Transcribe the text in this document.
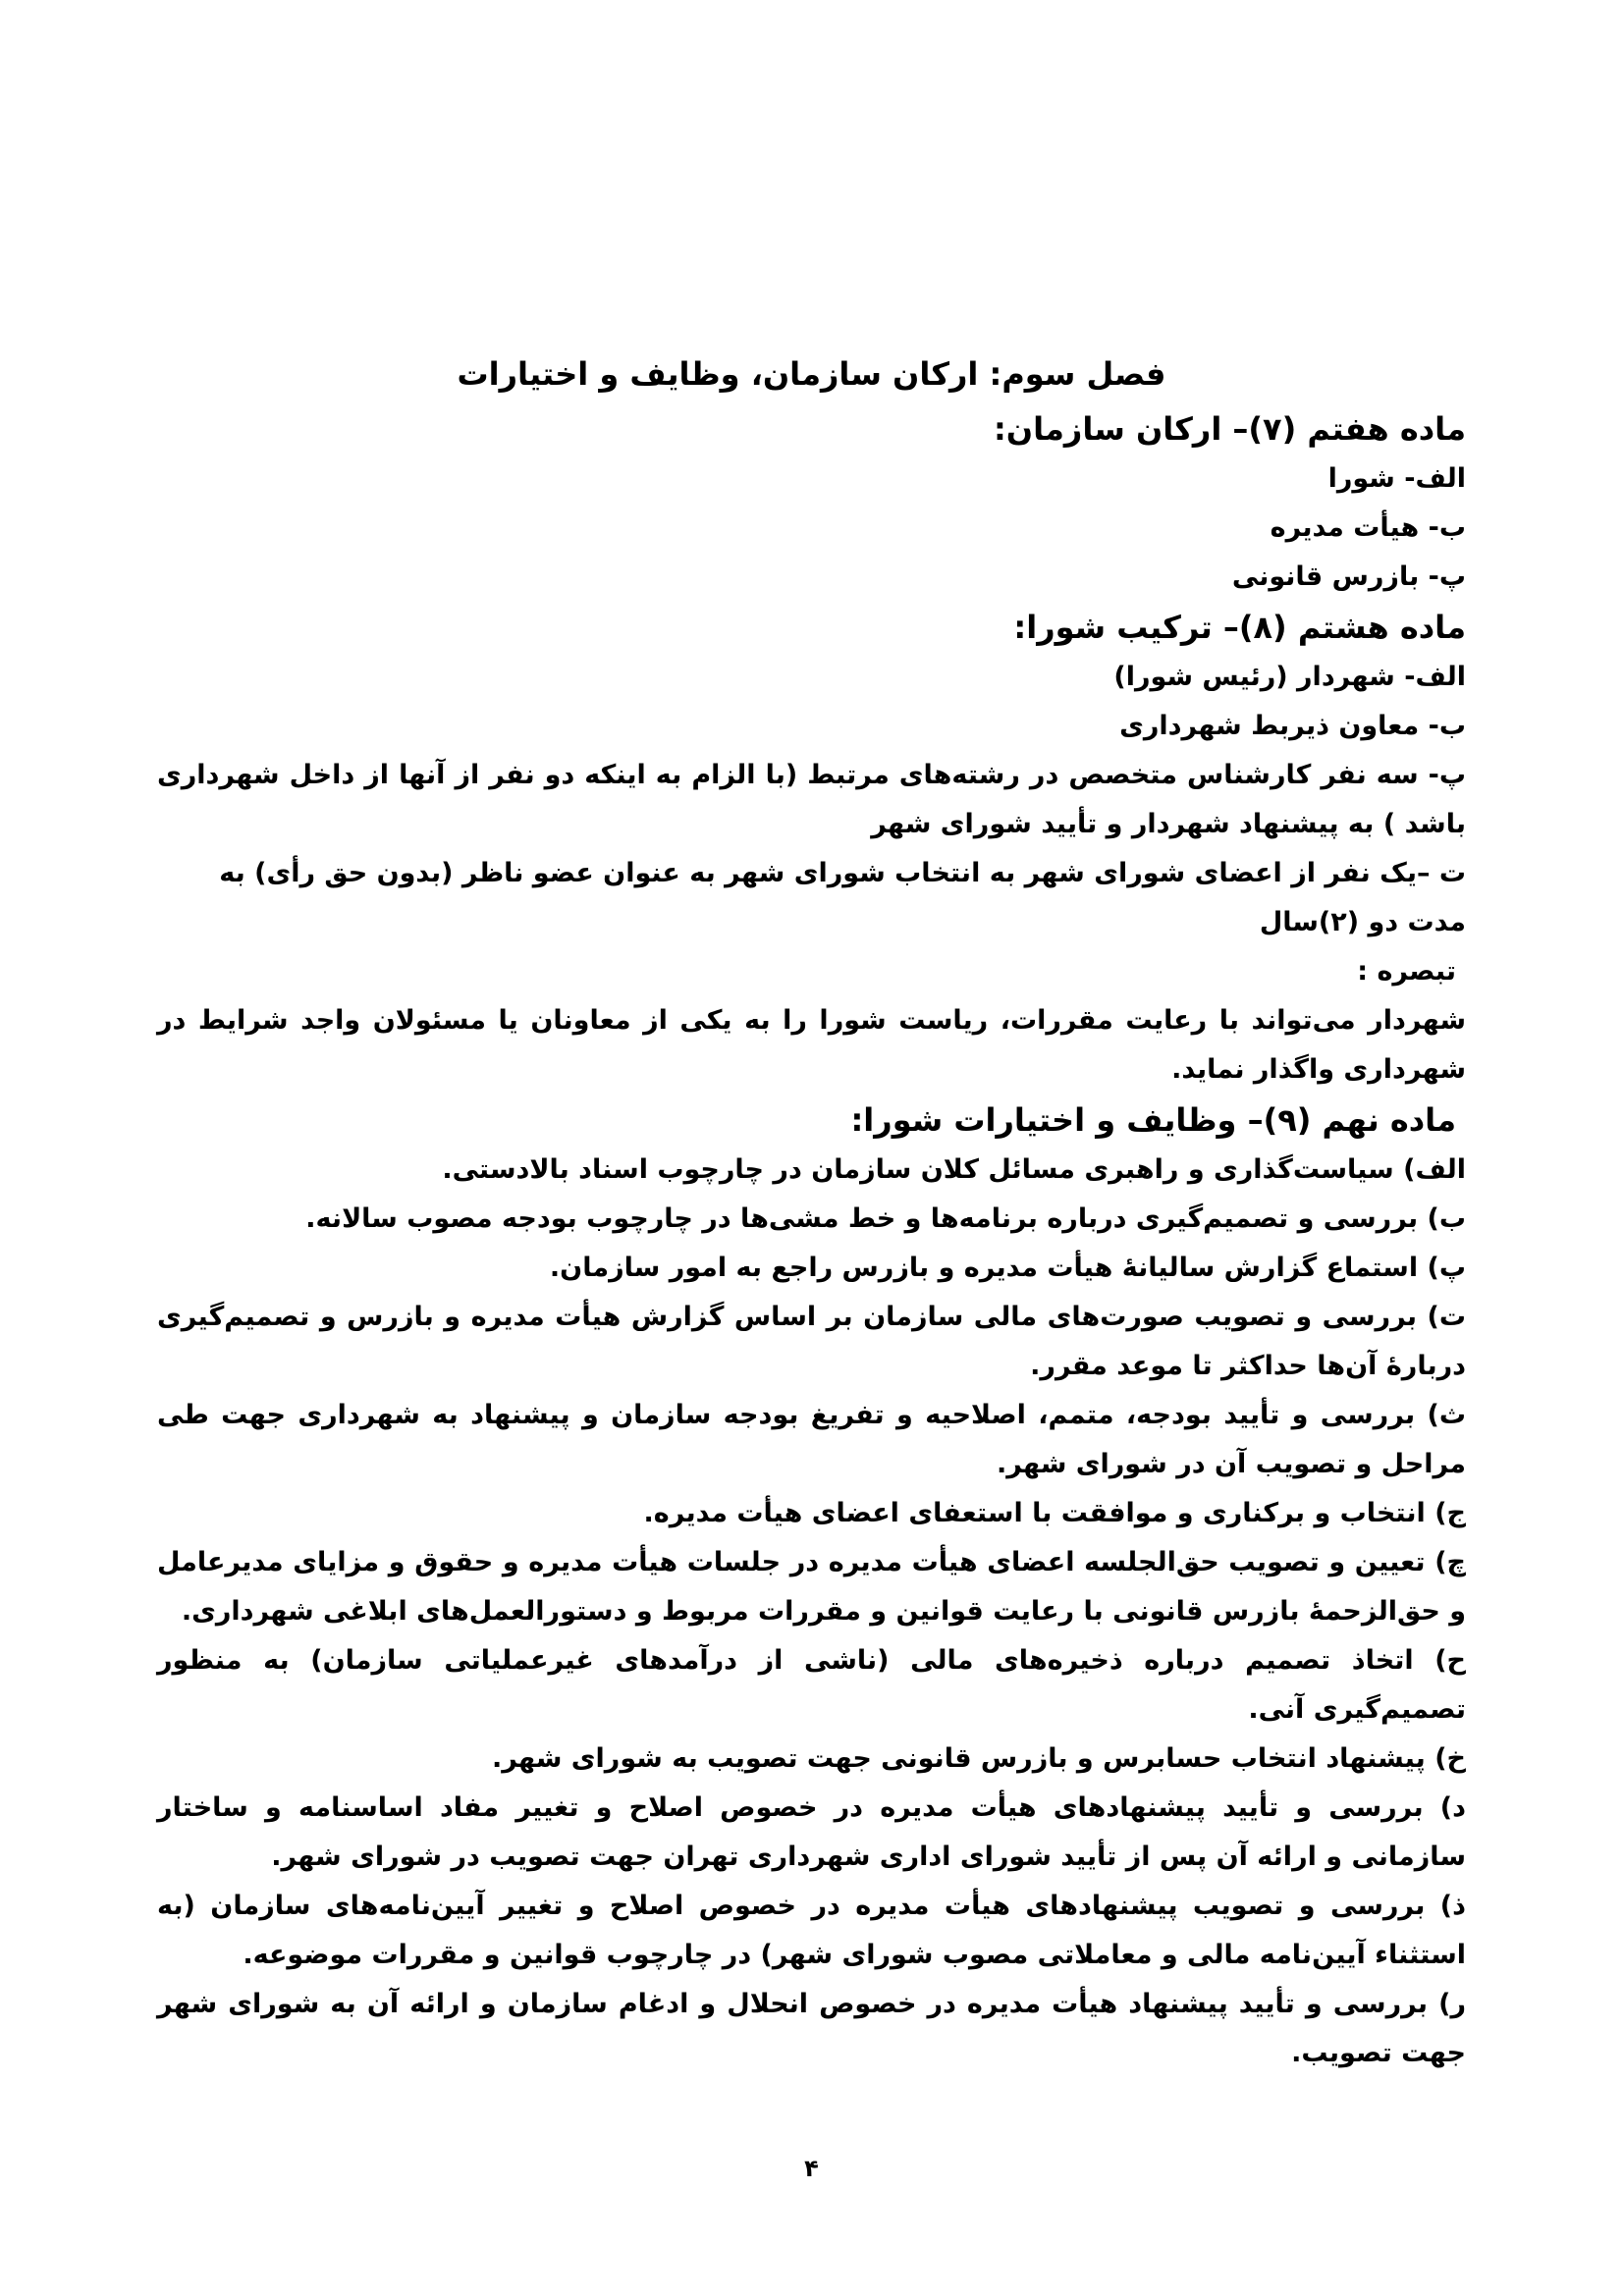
فصل سوم: ارکان سازمان، وظایف و اختیارات
ماده هفتم (۷)– ارکان سازمان:
الف- شورا
ب- هیأت مدیره
پ- بازرس قانونی
ماده هشتم (۸)– ترکیب شورا:
الف- شهردار (رئیس شورا)
ب- معاون ذیربط شهرداری
پ- سه نفر کارشناس متخصص در رشته‌های مرتبط (با الزام به اینکه دو نفر از آنها از داخل شهرداری باشد ) به پیشنهاد شهردار و تأیید شورای شهر
ت –یک نفر از اعضای شورای شهر به انتخاب شورای شهر به عنوان عضو ناظر (بدون حق رأی) به مدت دو (۲)سال
تبصره :
شهردار می‌تواند با رعایت مقررات، ریاست شورا را به یکی از معاونان یا مسئولان واجد شرایط در شهرداری واگذار نماید.
ماده نهم (۹)– وظایف و اختیارات شورا:
الف) سیاست‌گذاری و راهبری مسائل کلان سازمان در چارچوب اسناد بالادستی.
ب) بررسی و تصمیم‌گیری درباره برنامه‌ها و خط مشی‌ها در چارچوب بودجه مصوب سالانه.
پ) استماع گزارش سالیانهٔ هیأت مدیره و بازرس راجع به امور سازمان.
ت) بررسی و تصویب صورت‌های مالی سازمان بر اساس گزارش هیأت مدیره و بازرس و تصمیم‌گیری دربارهٔ آن‌ها حداکثر تا موعد مقرر.
ث) بررسی و تأیید بودجه، متمم، اصلاحیه و تفریغ بودجه سازمان و پیشنهاد به شهرداری جهت طی مراحل و تصویب آن در شورای شهر.
ج) انتخاب و برکناری و موافقت با استعفای اعضای هیأت مدیره.
چ) تعیین و تصویب حق‌الجلسه اعضای هیأت مدیره در جلسات هیأت مدیره و حقوق و مزایای مدیرعامل و حق‌الزحمهٔ بازرس قانونی با رعایت قوانین و مقررات مربوط و دستورالعمل‌های ابلاغی شهرداری.
ح) اتخاذ تصمیم درباره ذخیره‌های مالی (ناشی از درآمدهای غیرعملیاتی سازمان) به منظور تصمیم‌گیری آنی.
خ) پیشنهاد انتخاب حسابرس و بازرس قانونی جهت تصویب به شورای شهر.
د) بررسی و تأیید پیشنهادهای هیأت مدیره در خصوص اصلاح و تغییر مفاد اساسنامه و ساختار سازمانی و ارائه آن پس از تأیید شورای اداری شهرداری تهران جهت تصویب در شورای شهر.
ذ) بررسی و تصویب پیشنهادهای هیأت مدیره در خصوص اصلاح و تغییر آیین‌نامه‌های سازمان (به استثناء آیین‌نامه مالی و معاملاتی مصوب شورای شهر) در چارچوب قوانین و مقررات موضوعه.
ر) بررسی و تأیید پیشنهاد هیأت مدیره در خصوص انحلال و ادغام سازمان و ارائه آن به شورای شهر جهت تصویب.
۴
